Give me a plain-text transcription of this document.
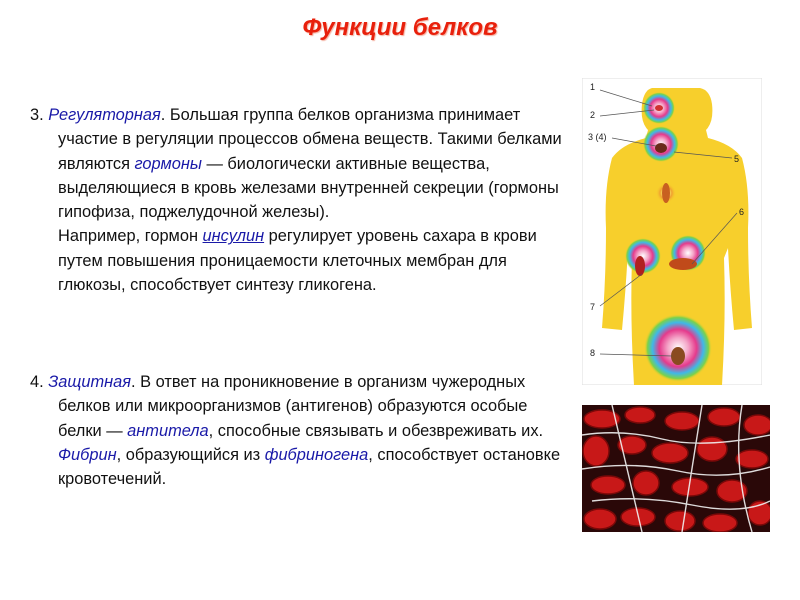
Функции белков

3. Регуляторная. Большая группа белков организма принимает участие в регуляции процессов обмена веществ. Такими белками являются гормоны — биологически активные вещества, выделяющиеся в кровь железами внутренней секреции (гормоны гипофиза, поджелудочной железы).
Например, гормон инсулин регулирует уровень сахара в крови путем повышения проницаемости клеточных мембран для глюкозы, способствует синтезу гликогена.

4. Защитная. В ответ на проникновение в организм чужеродных белков или микроорганизмов (антигенов) образуются особые белки — антитела, способные связывать и обезвреживать их. Фибрин, образующийся из фибриногена, способствует остановке кровотечений.

1
2
3 (4)
5
6
7
8
